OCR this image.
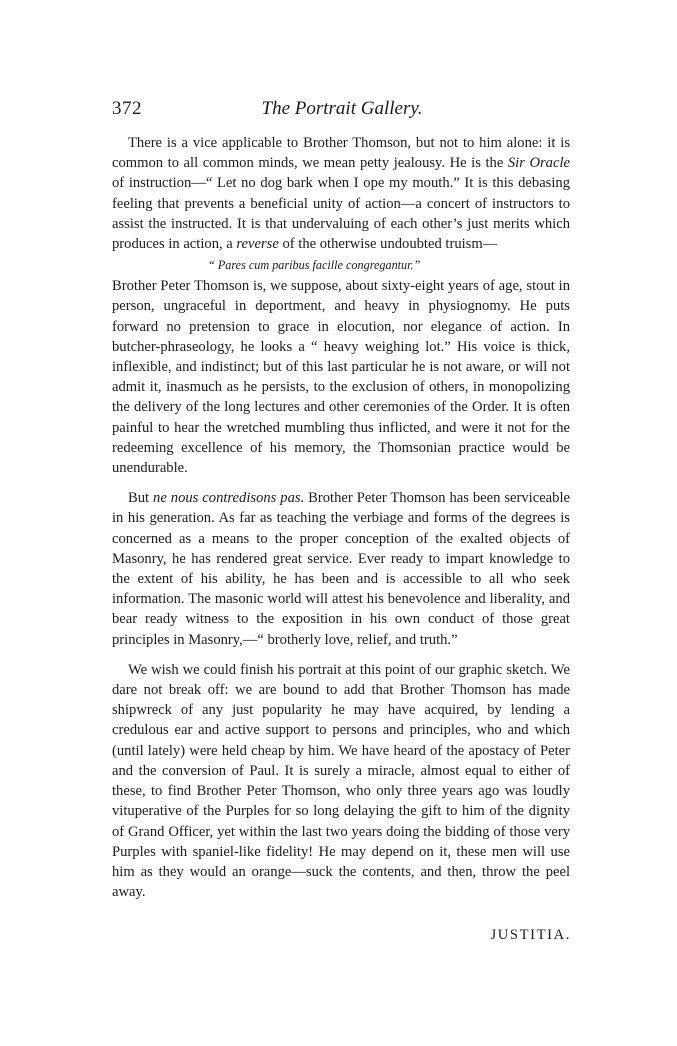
372	The Portrait Gallery.

There is a vice applicable to Brother Thomson, but not to him alone: it is common to all common minds, we mean petty jealousy. He is the Sir Oracle of instruction—“ Let no dog bark when I ope my mouth.” It is this debasing feeling that prevents a beneficial unity of action—a concert of instructors to assist the instructed. It is that undervaluing of each other’s just merits which produces in action, a reverse of the otherwise undoubted truism—

“ Pares cum paribus facille congregantur.”

Brother Peter Thomson is, we suppose, about sixty-eight years of age, stout in person, ungraceful in deportment, and heavy in physiognomy. He puts forward no pretension to grace in elocution, nor elegance of action. In butcher-phraseology, he looks a “ heavy weighing lot.” His voice is thick, inflexible, and indistinct; but of this last particular he is not aware, or will not admit it, inasmuch as he persists, to the exclusion of others, in monopolizing the delivery of the long lectures and other ceremonies of the Order. It is often painful to hear the wretched mumbling thus inflicted, and were it not for the redeeming excellence of his memory, the Thomsonian practice would be unendurable.

But ne nous contredisons pas. Brother Peter Thomson has been serviceable in his generation. As far as teaching the verbiage and forms of the degrees is concerned as a means to the proper conception of the exalted objects of Masonry, he has rendered great service. Ever ready to impart knowledge to the extent of his ability, he has been and is accessible to all who seek information. The masonic world will attest his benevolence and liberality, and bear ready witness to the exposition in his own conduct of those great principles in Masonry,—“ brotherly love, relief, and truth.”

We wish we could finish his portrait at this point of our graphic sketch. We dare not break off: we are bound to add that Brother Thomson has made shipwreck of any just popularity he may have acquired, by lending a credulous ear and active support to persons and principles, who and which (until lately) were held cheap by him. We have heard of the apostacy of Peter and the conversion of Paul. It is surely a miracle, almost equal to either of these, to find Brother Peter Thomson, who only three years ago was loudly vituperative of the Purples for so long delaying the gift to him of the dignity of Grand Officer, yet within the last two years doing the bidding of those very Purples with spaniel-like fidelity! He may depend on it, these men will use him as they would an orange—suck the contents, and then, throw the peel away.

JUSTITIA.
